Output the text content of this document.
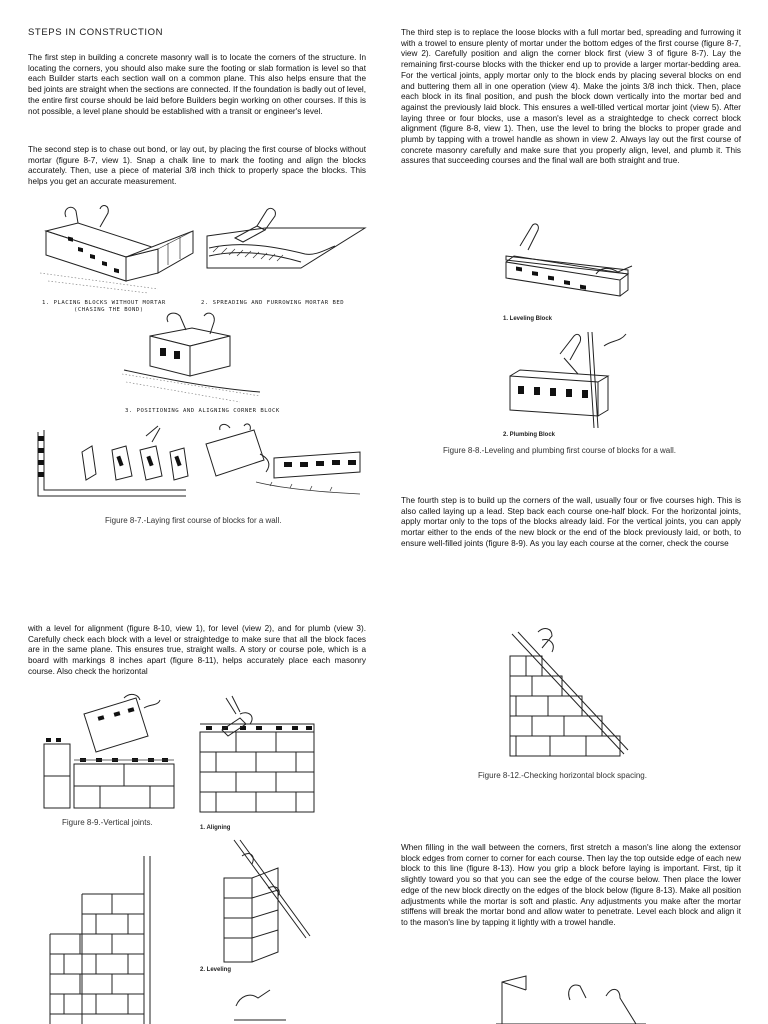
STEPS IN CONSTRUCTION

The first step in building a concrete masonry wall is to locate the corners of the structure. In locating the corners, you should also make sure the footing or slab formation is level so that each Builder starts each section wall on a common plane. This also helps ensure that the bed joints are straight when the sections are connected. If the foundation is badly out of level, the entire first course should be laid before Builders begin working on other courses. If this is not possible, a level plane should be established with a transit or engineer's level.

The second step is to chase out bond, or lay out, by placing the first course of blocks without mortar (figure 8-7, view 1). Snap a chalk line to mark the footing and align the blocks accurately. Then, use a piece of material 3/8 inch thick to properly space the blocks. This helps you get an accurate measurement.

1. PLACING BLOCKS WITHOUT MORTAR
(CHASING THE BOND)
2. SPREADING AND FURROWING MORTAR BED
3. POSITIONING AND ALIGNING CORNER BLOCK
Figure 8-7.-Laying first course of blocks for a wall.

The third step is to replace the loose blocks with a full mortar bed, spreading and furrowing it with a trowel to ensure plenty of mortar under the bottom edges of the first course (figure 8-7, view 2). Carefully position and align the corner block first (view 3 of figure 8-7). Lay the remaining first-course blocks with the thicker end up to provide a larger mortar-bedding area. For the vertical joints, apply mortar only to the block ends by placing several blocks on end and buttering them all in one operation (view 4). Make the joints 3/8 inch thick. Then, place each block in its final position, and push the block down vertically into the mortar bed and against the previously laid block. This ensures a well-tilled vertical mortar joint (view 5). After laying three or four blocks, use a mason's level as a straightedge to check correct block alignment (figure 8-8, view 1). Then, use the level to bring the blocks to proper grade and plumb by tapping with a trowel handle as shown in view 2. Always lay out the first course of concrete masonry carefully and make sure that you properly align, level, and plumb it. This assures that succeeding courses and the final wall are both straight and true.

1. Leveling Block
2. Plumbing Block
Figure 8-8.-Leveling and plumbing first course of blocks for a wall.

The fourth step is to build up the corners of the wall, usually four or five courses high. This is also called laying up a lead. Step back each course one-half block. For the horizontal joints, apply mortar only to the tops of the blocks already laid. For the vertical joints, you can apply mortar either to the ends of the new block or the end of the block previously laid, or both, to ensure well-filled joints (figure 8-9). As you lay each course at the corner, check the course

with a level for alignment (figure 8-10, view 1), for level (view 2), and for plumb (view 3). Carefully check each block with a level or straightedge to make sure that all the block faces are in the same plane. This ensures true, straight walls. A story or course pole, which is a board with markings 8 inches apart (figure 8-11), helps accurately place each masonry course. Also check the horizontal

Figure 8-9.-Vertical joints.
1. Aligning
2. Leveling
Figure 8-12.-Checking horizontal block spacing.

When filling in the wall between the corners, first stretch a mason's line along the extensor block edges from corner to corner for each course. Then lay the top outside edge of each new block to this line (figure 8-13). How you grip a block before laying is important. First, tip it slightly toward you so that you can see the edge of the course below. Then place the lower edge of the new block directly on the edges of the block below (figure 8-13). Make all position adjustments while the mortar is soft and plastic. Any adjustments you make after the mortar stiffens will break the mortar bond and allow water to penetrate. Level each block and align it to the mason's line by tapping it lightly with a trowel handle.
